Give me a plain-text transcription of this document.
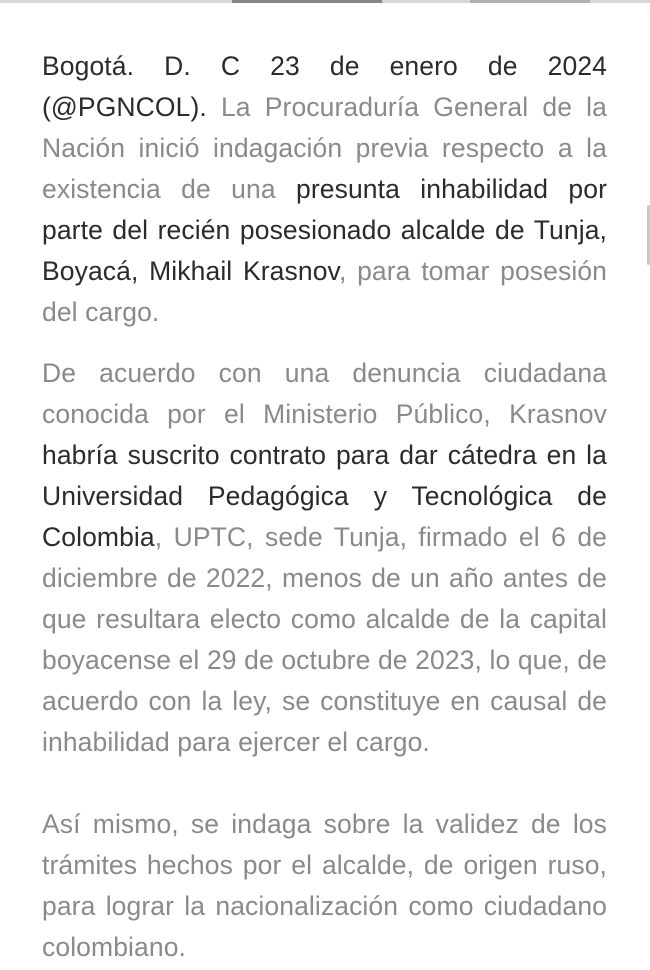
Bogotá. D. C 23 de enero de 2024 (@PGNCOL). La Procuraduría General de la Nación inició indagación previa respecto a la existencia de una presunta inhabilidad por parte del recién posesionado alcalde de Tunja, Boyacá, Mikhail Krasnov, para tomar posesión del cargo.

De acuerdo con una denuncia ciudadana conocida por el Ministerio Público, Krasnov habría suscrito contrato para dar cátedra en la Universidad Pedagógica y Tecnológica de Colombia, UPTC, sede Tunja, firmado el 6 de diciembre de 2022, menos de un año antes de que resultara electo como alcalde de la capital boyacense el 29 de octubre de 2023, lo que, de acuerdo con la ley, se constituye en causal de inhabilidad para ejercer el cargo.

Así mismo, se indaga sobre la validez de los trámites hechos por el alcalde, de origen ruso, para lograr la nacionalización como ciudadano colombiano.
